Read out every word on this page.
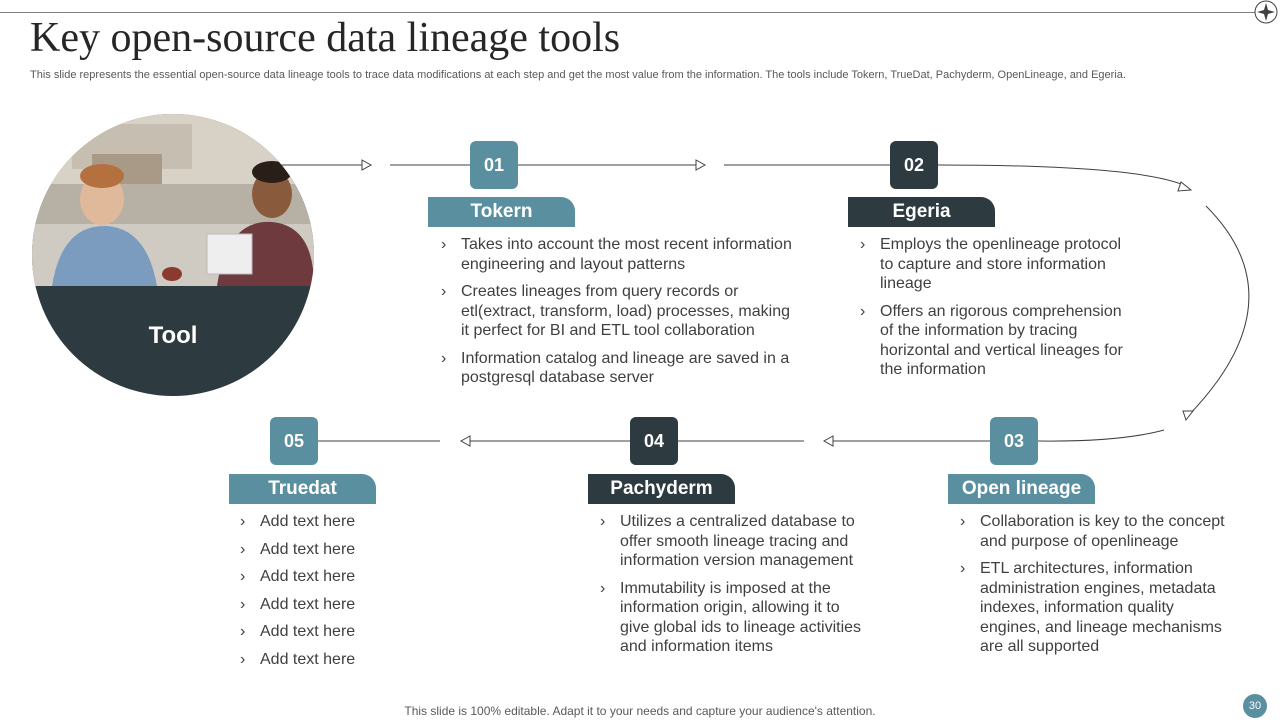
Key open-source data lineage tools
This slide represents the essential open-source data lineage tools to trace data modifications at each step and get the most value from the information. The tools include Tokern, TrueDat, Pachyderm, OpenLineage, and Egeria.
Tool
01
Tokern
› Takes into account the most recent information engineering and layout patterns
› Creates lineages from query records or etl(extract, transform, load) processes, making it perfect for BI and ETL tool collaboration
› Information catalog and lineage are saved in a postgresql database server
02
Egeria
› Employs the openlineage protocol to capture and store information lineage
› Offers an rigorous comprehension of the information by tracing horizontal and vertical lineages for the information
03
Open lineage
› Collaboration is key to the concept and purpose of openlineage
› ETL architectures, information administration engines, metadata indexes, information quality engines, and lineage mechanisms are all supported
04
Pachyderm
› Utilizes a centralized database to offer smooth lineage tracing and information version management
› Immutability is imposed at the information origin, allowing it to give global ids to lineage activities and information items
05
Truedat
› Add text here
› Add text here
› Add text here
› Add text here
› Add text here
› Add text here
This slide is 100% editable. Adapt it to your needs and capture your audience's attention.	30
